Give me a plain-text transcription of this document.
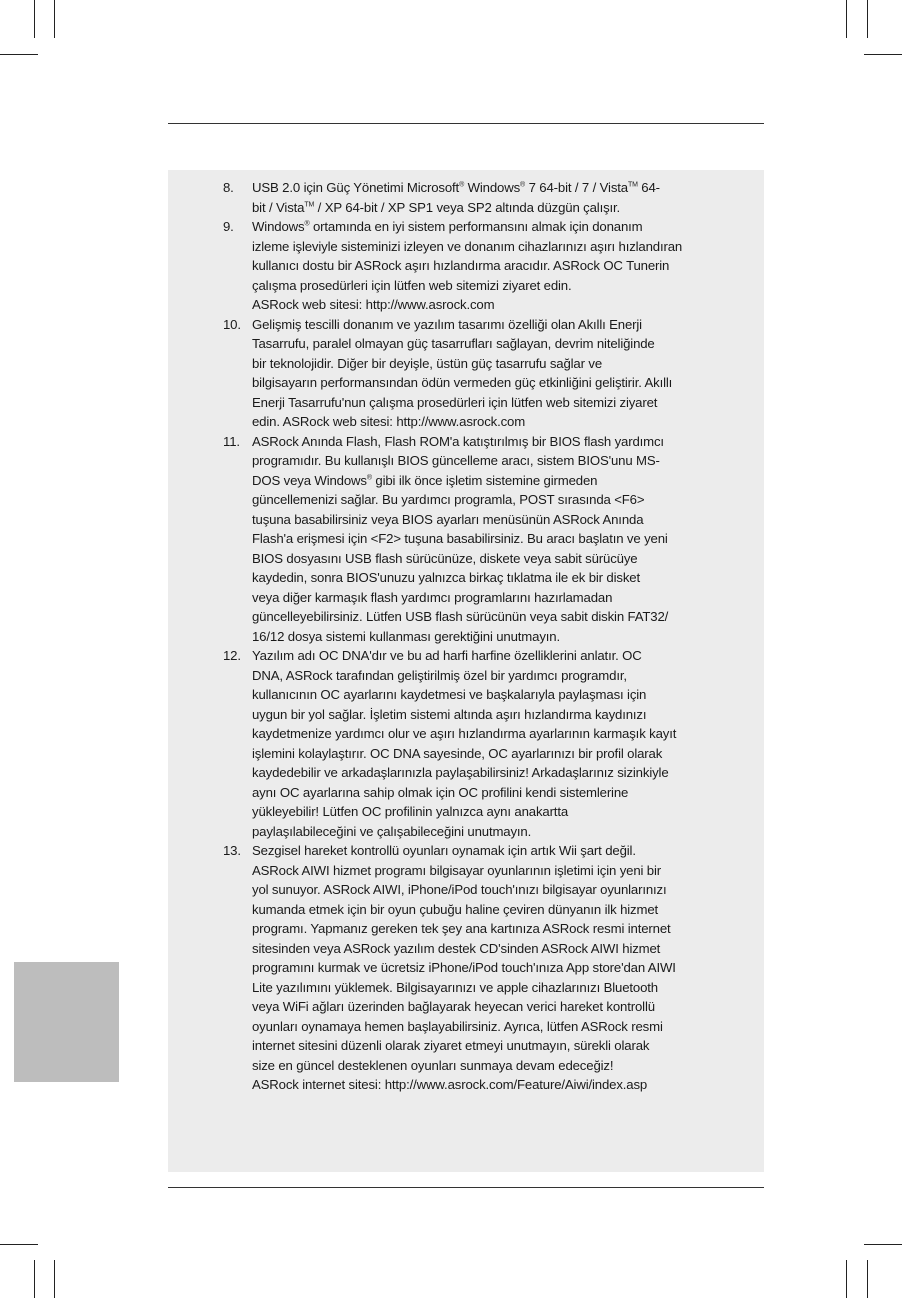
8. USB 2.0 için Güç Yönetimi Microsoft® Windows® 7 64-bit / 7 / Vista™ 64-
bit / Vista™ / XP 64-bit / XP SP1 veya SP2 altında düzgün çalışır.
9. Windows® ortamında en iyi sistem performansını almak için donanım
izleme işleviyle sisteminizi izleyen ve donanım cihazlarınızı aşırı hızlandıran
kullanıcı dostu bir ASRock aşırı hızlandırma aracıdır. ASRock OC Tunerin
çalışma prosedürleri için lütfen web sitemizi ziyaret edin.
ASRock web sitesi: http://www.asrock.com
10. Gelişmiş tescilli donanım ve yazılım tasarımı özelliği olan Akıllı Enerji
Tasarrufu, paralel olmayan güç tasarrufları sağlayan, devrim niteliğinde
bir teknolojidir. Diğer bir deyişle, üstün güç tasarrufu sağlar ve
bilgisayarın performansından ödün vermeden güç etkinliğini geliştirir. Akıllı
Enerji Tasarrufu'nun çalışma prosedürleri için lütfen web sitemizi ziyaret
edin. ASRock web sitesi: http://www.asrock.com
11. ASRock Anında Flash, Flash ROM'a katıştırılmış bir BIOS flash yardımcı
programıdır. Bu kullanışlı BIOS güncelleme aracı, sistem BIOS'unu MS-
DOS veya Windows® gibi ilk önce işletim sistemine girmeden
güncellemenizi sağlar. Bu yardımcı programla, POST sırasında <F6>
tuşuna basabilirsiniz veya BIOS ayarları menüsünün ASRock Anında
Flash'a erişmesi için <F2> tuşuna basabilirsiniz. Bu aracı başlatın ve yeni
BIOS dosyasını USB flash sürücünüze, diskete veya sabit sürücüye
kaydedin, sonra BIOS'unuzu yalnızca birkaç tıklatma ile ek bir disket
veya diğer karmaşık flash yardımcı programlarını hazırlamadan
güncelleyebilirsiniz. Lütfen USB flash sürücünün veya sabit diskin FAT32/
16/12 dosya sistemi kullanması gerektiğini unutmayın.
12. Yazılım adı OC DNA'dır ve bu ad harfi harfine özelliklerini anlatır. OC
DNA, ASRock tarafından geliştirilmiş özel bir yardımcı programdır,
kullanıcının OC ayarlarını kaydetmesi ve başkalarıyla paylaşması için
uygun bir yol sağlar. İşletim sistemi altında aşırı hızlandırma kaydınızı
kaydetmenize yardımcı olur ve aşırı hızlandırma ayarlarının karmaşık kayıt
işlemini kolaylaştırır. OC DNA sayesinde, OC ayarlarınızı bir profil olarak
kaydedebilir ve arkadaşlarınızla paylaşabilirsiniz! Arkadaşlarınız sizinkiyle
aynı OC ayarlarına sahip olmak için OC profilini kendi sistemlerine
yükleyebilir! Lütfen OC profilinin yalnızca aynı anakartta
paylaşılabileceğini ve çalışabileceğini unutmayın.
13. Sezgisel hareket kontrollü oyunları oynamak için artık Wii şart değil.
ASRock AIWI hizmet programı bilgisayar oyunlarının işletimi için yeni bir
yol sunuyor. ASRock AIWI, iPhone/iPod touch'ınızı bilgisayar oyunlarınızı
kumanda etmek için bir oyun çubuğu haline çeviren dünyanın ilk hizmet
programı. Yapmanız gereken tek şey ana kartınıza ASRock resmi internet
sitesinden veya ASRock yazılım destek CD'sinden ASRock AIWI hizmet
programını kurmak ve ücretsiz iPhone/iPod touch'ınıza App store'dan AIWI
Lite yazılımını yüklemek. Bilgisayarınızı ve apple cihazlarınızı Bluetooth
veya WiFi ağları üzerinden bağlayarak heyecan verici hareket kontrollü
oyunları oynamaya hemen başlayabilirsiniz. Ayrıca, lütfen ASRock resmi
internet sitesini düzenli olarak ziyaret etmeyi unutmayın, sürekli olarak
size en güncel desteklenen oyunları sunmaya devam edeceğiz!
ASRock internet sitesi: http://www.asrock.com/Feature/Aiwi/index.asp
